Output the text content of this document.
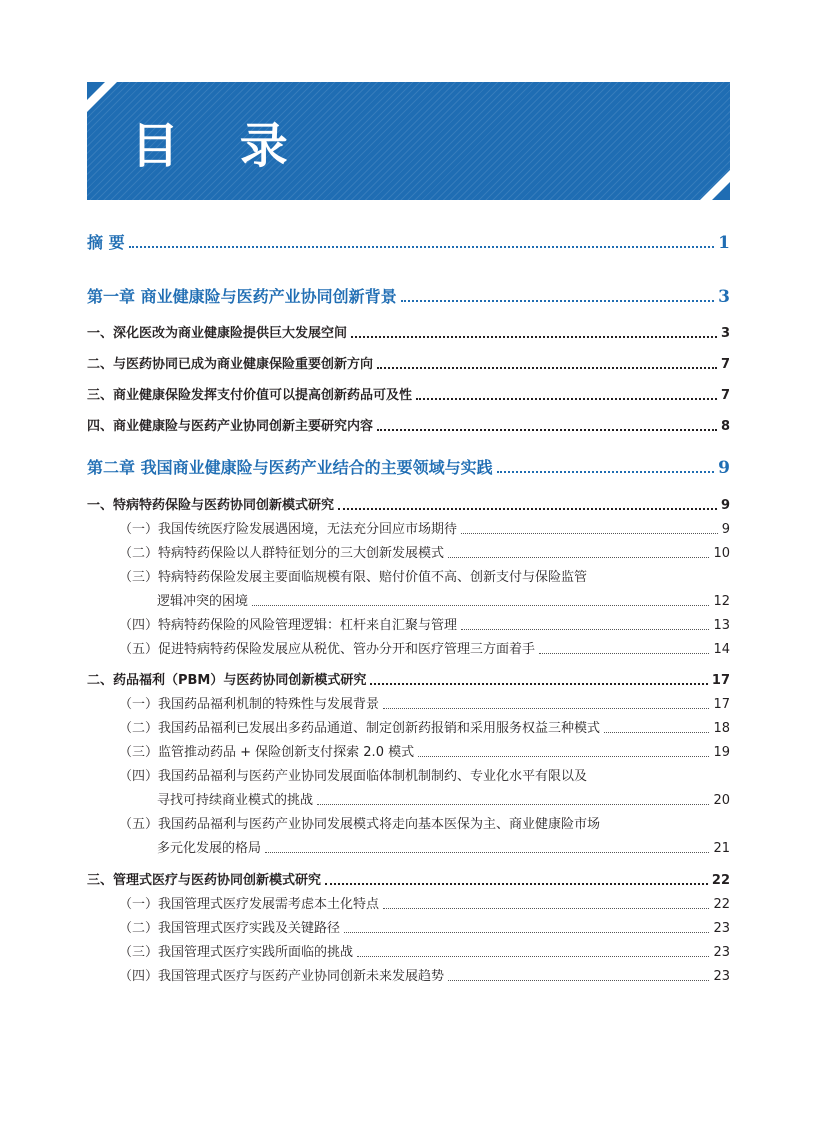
目 录
摘 要	1
第一章 商业健康险与医药产业协同创新背景	3
一、深化医改为商业健康险提供巨大发展空间	3
二、与医药协同已成为商业健康保险重要创新方向	7
三、商业健康保险发挥支付价值可以提高创新药品可及性	7
四、商业健康险与医药产业协同创新主要研究内容	8
第二章 我国商业健康险与医药产业结合的主要领域与实践	9
一、特病特药保险与医药协同创新模式研究	9
（一）我国传统医疗险发展遇困境，无法充分回应市场期待	9
（二）特病特药保险以人群特征划分的三大创新发展模式	10
（三）特病特药保险发展主要面临规模有限、赔付价值不高、创新支付与保险监管
逻辑冲突的困境	12
（四）特病特药保险的风险管理逻辑：杠杆来自汇聚与管理	13
（五）促进特病特药保险发展应从税优、管办分开和医疗管理三方面着手	14
二、药品福利（PBM）与医药协同创新模式研究	17
（一）我国药品福利机制的特殊性与发展背景	17
（二）我国药品福利已发展出多药品通道、制定创新药报销和采用服务权益三种模式	18
（三）监管推动药品 + 保险创新支付探索 2.0 模式	19
（四）我国药品福利与医药产业协同发展面临体制机制制约、专业化水平有限以及
寻找可持续商业模式的挑战	20
（五）我国药品福利与医药产业协同发展模式将走向基本医保为主、商业健康险市场
多元化发展的格局	21
三、管理式医疗与医药协同创新模式研究	22
（一）我国管理式医疗发展需考虑本土化特点	22
（二）我国管理式医疗实践及关键路径	23
（三）我国管理式医疗实践所面临的挑战	23
（四）我国管理式医疗与医药产业协同创新未来发展趋势	23
